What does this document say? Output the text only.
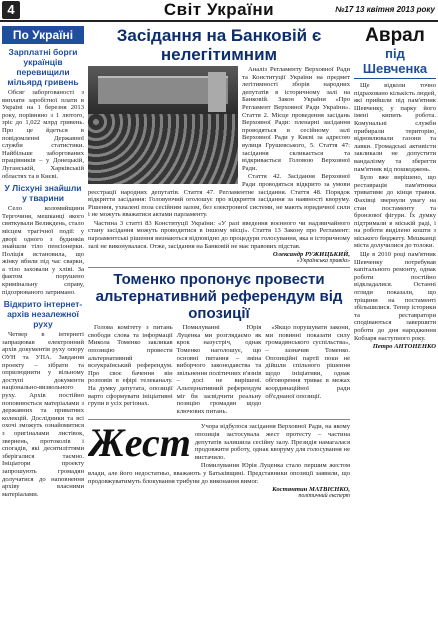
4	Світ України	№17 13 квітня 2013 року
По Україні
Зарплатні борги українців перевищили мільярд гривень

Обсяг заборгованості з виплати заробітної плати в Україні на 1 березня 2013 року, порівняно з 1 лютого, зріс до 1,022 млрд гривень. Про це йдеться в повідомленні Державної служби статистики. Найбільше заборгованих працівників – у Донецькій, Луганській, Харківській областях та в Києві.

У Лісхуні знайшли у тварини

Село коломийщини Тергочиня, мешканці якого святкували Великдень, стало місцем трагічної події: у дворі одного з будинків знайшли тіло пенсіонерки. Поліція встановила, що жінку вбили під час сварки, а тіло заховали у хліві. За фактом порушено кримінальну справу, підозрюваного затримано.

Відкрито інтернет-архів незалежної руху

Четвер в інтернеті запрацював електронний архів документів руху опору ОУН та УПА. Завдання проекту – зібрати та оприлюднити у вільному доступі документи національно-визвольного руху. Архів постійно поповнюється матеріалами з державних та приватних колекцій. Дослідники та всі охочі зможуть ознайомитися з оригіналами листівок, звернень, протоколів і спогадів, які десятиліттями зберігалися таємно. Ініціатори проекту запрошують громадян долучатися до наповнення архіву власними матеріалами.

Засідання на Банковій є нелегітимним

Аналіз Регламенту Верховної Ради та Конституції України на предмет легітимності зборів народних депутатів в історичному залі на Банковій. Закон України «Про Регламент Верховної Ради України». Стаття 2. Місце проведення засідань Верховної Ради: пленарні засідання проводяться в сесійному залі Верховної Ради у Києві за адресою вулиця Грушевського, 5. Стаття 47: засідання скликається та відкривається Головою Верховної Ради.

Стаття 42. Засідання Верховної Ради проводяться відкрито за умови реєстрації народних депутатів. Стаття 47. Регламентне засідання. Стаття 48. Порядок відкриття засідання: Головуючий оголошує про відкриття засідання за наявності кворуму. Рішення, ухвалені поза сесійним залом, без електронної системи, не мають юридичної сили і не можуть вважатися актами парламенту.

Частина 3 статті 83 Конституції України: «У разі введення воєнного чи надзвичайного стану засідання можуть проводитися в іншому місці». Стаття 13 Закону про Регламент: парламентські рішення визнаються відповідно до процедури голосування, яка в історичному залі не виконувалася. Отже, засідання на Банковій не має правових підстав.

Олександр РУЖИЦЬКИЙ,
«Українська правда»
Томенко пропонує провести альтернативний референдум від опозиції

Голова комітету з питань свободи слова та інформації Микола Томенко закликав опозицію провести альтернативний всеукраїнський референдум. Про своє бачення він розповів в ефірі телеканалу. На думку депутата, опозиції варто сформувати ініціативні групи в усіх регіонах.

Помилуванні Юрія Луценка ми розглядаємо як крок назустріч, однак Томенко наголошує, що основні питання – зміна виборчого законодавства та звільнення політичних в'язнів – досі не вирішені. Альтернативний референдум міг би засвідчити реальну позицію громадян щодо ключових питань.

«Якщо порушувати закони, ми повинні показати силу громадянського суспільства», – зазначив Томенко. Опозиційні партії поки не дійшли спільного рішення щодо ініціативи, однак обговорення триває в межах координаційної ради об'єднаної опозиції.

Жест	Учора відбулося засідання Верховної Ради, на якому опозиція застосувала жест протесту – частина депутатів залишила сесійну залу. Президія намагалася продовжити роботу, однак кворуму для голосування не вистачило.

Помилування Юрія Луценка стало першим жестом влади, але його недостатньо, вважають у Батьківщині. Представники опозиції заявили, що продовжуватимуть блокування трибуни до виконання вимог.

Костянтин МАТВІЄНКО,
політичний експерт
Аврал
під Шевченка

Ще відколи точно підраховано кількість людей, які прийшли під пам'ятник Шевченку, у парку його імені кипить робота. Комунальні служби прибирали територію, відновлювали газони та лавки. Громадські активісти закликали не допустити вандалізму та зберегти пам'ятник від пошкоджень.

Було вже вирішено, що реставрація пам'ятника триватиме до кінця травня. Фахівці звернули увагу на стан постаменту та бронзової фігури. Їх думку підтримали в міській раді, і на роботи виділено кошти з міського бюджету. Мешканці міста долучилися до толоки.

Ще в 2010 році пам'ятник Шевченку потребував капітального ремонту, однак роботи постійно відкладалися. Останні огляди показали, що тріщини на постаменті збільшилися. Тепер історики та реставратори сподіваються завершити роботи до дня народження Кобзаря наступного року.

Петро АНТОНЕНКО
